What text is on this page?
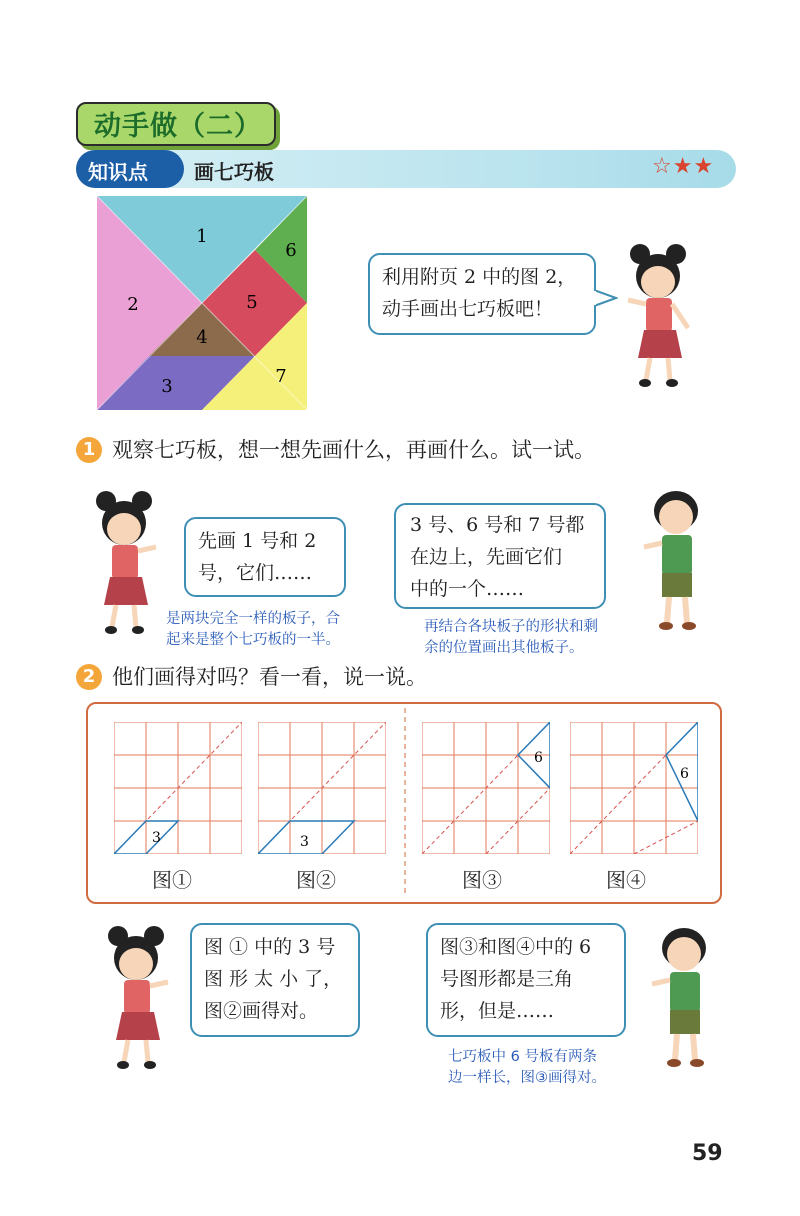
动手做（二）
知识点 画七巧板	☆★★
1
2
3
4
5
6
7
利用附页 2 中的图 2，
动手画出七巧板吧！
1 观察七巧板，想一想先画什么，再画什么。试一试。
先画 1 号和 2
号，它们……
是两块完全一样的板子，合
起来是整个七巧板的一半。
3 号、6 号和 7 号都
在边上，先画它们
中的一个……
再结合各块板子的形状和剩
余的位置画出其他板子。
2 他们画得对吗？看一看，说一说。
3	3
6
6
图①	图②	图③	图④
图 ① 中的 3 号
图 形 太 小 了，
图②画得对。
图③和图④中的 6
号图形都是三角
形，但是……
七巧板中 6 号板有两条
边一样长，图③画得对。
59
